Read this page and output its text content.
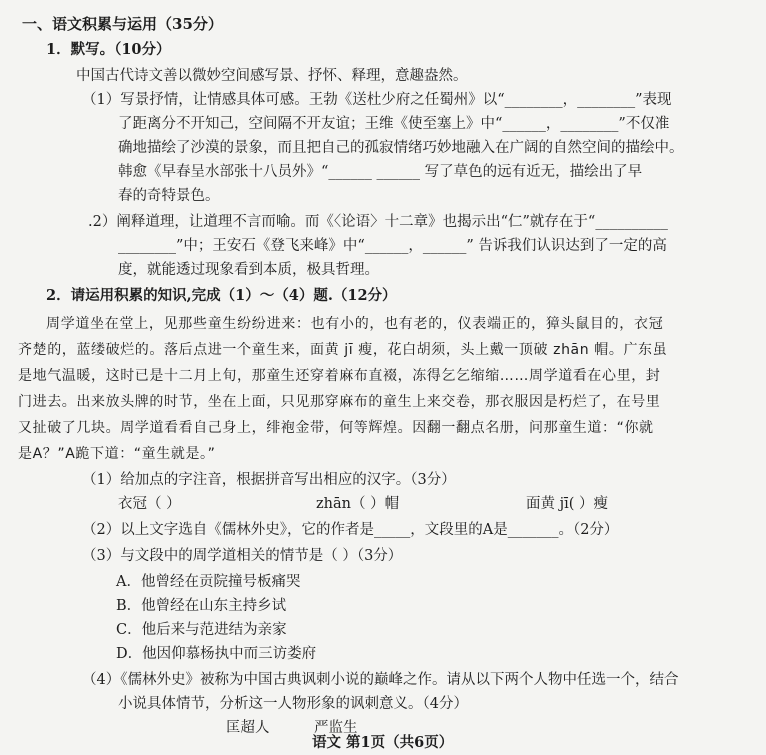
一、语文积累与运用（35分）
1．默写。（10分）
中国古代诗文善以微妙空间感写景、抒怀、释理，意趣盎然。
（1）写景抒情，让情感具体可感。王勃《送杜少府之任蜀州》以“________，________”表现
了距离分不开知己，空间隔不开友谊；王维《使至塞上》中“______，________”不仅准
确地描绘了沙漠的景象，而且把自己的孤寂情绪巧妙地融入在广阔的自然空间的描绘中。
韩愈《早春呈水部张十八员外》“______ ______ 写了草色的远有近无，描绘出了早
春的奇特景色。
.2）阐释道理，让道理不言而喻。而《〈论语〉十二章》也揭示出“仁”就存在于“__________
________”中；王安石《登飞来峰》中“______，______” 告诉我们认识达到了一定的高
度，就能透过现象看到本质，极具哲理。
2．请运用积累的知识,完成（1）～（4）题.（12分）
周学道坐在堂上，见那些童生纷纷进来：也有小的，也有老的，仪表端正的，獐头鼠目的，衣冠
齐楚的，蓝缕破烂的。落后点进一个童生来，面黄 jī 瘦，花白胡须，头上戴一顶破 zhān 帽。广东虽
是地气温暖，这时已是十二月上旬，那童生还穿着麻布直裰，冻得乞乞缩缩……周学道看在心里，封
门进去。出来放头牌的时节，坐在上面，只见那穿麻布的童生上来交卷，那衣服因是朽烂了，在号里
又扯破了几块。周学道看看自己身上，绯袍金带，何等辉煌。因翻一翻点名册，问那童生道：“你就
是A？”A跪下道：“童生就是。”
（1）给加点的字注音，根据拼音写出相应的汉字。（3分）
衣冠（ ）	zhān（ ）帽	面黄 jī( ）瘦
（2）以上文字选自《儒林外史》，它的作者是_____，文段里的A是_______。（2分）
（3）与文段中的周学道相关的情节是（ ）（3分）
A．他曾经在贡院撞号板痛哭
B．他曾经在山东主持乡试
C．他后来与范进结为亲家
D．他因仰慕杨执中而三访娄府
（4）《儒林外史》被称为中国古典讽刺小说的巅峰之作。请从以下两个人物中任选一个，结合
小说具体情节，分析这一人物形象的讽刺意义。（4分）
匡超人	严监生
语文 第1页（共6页）
